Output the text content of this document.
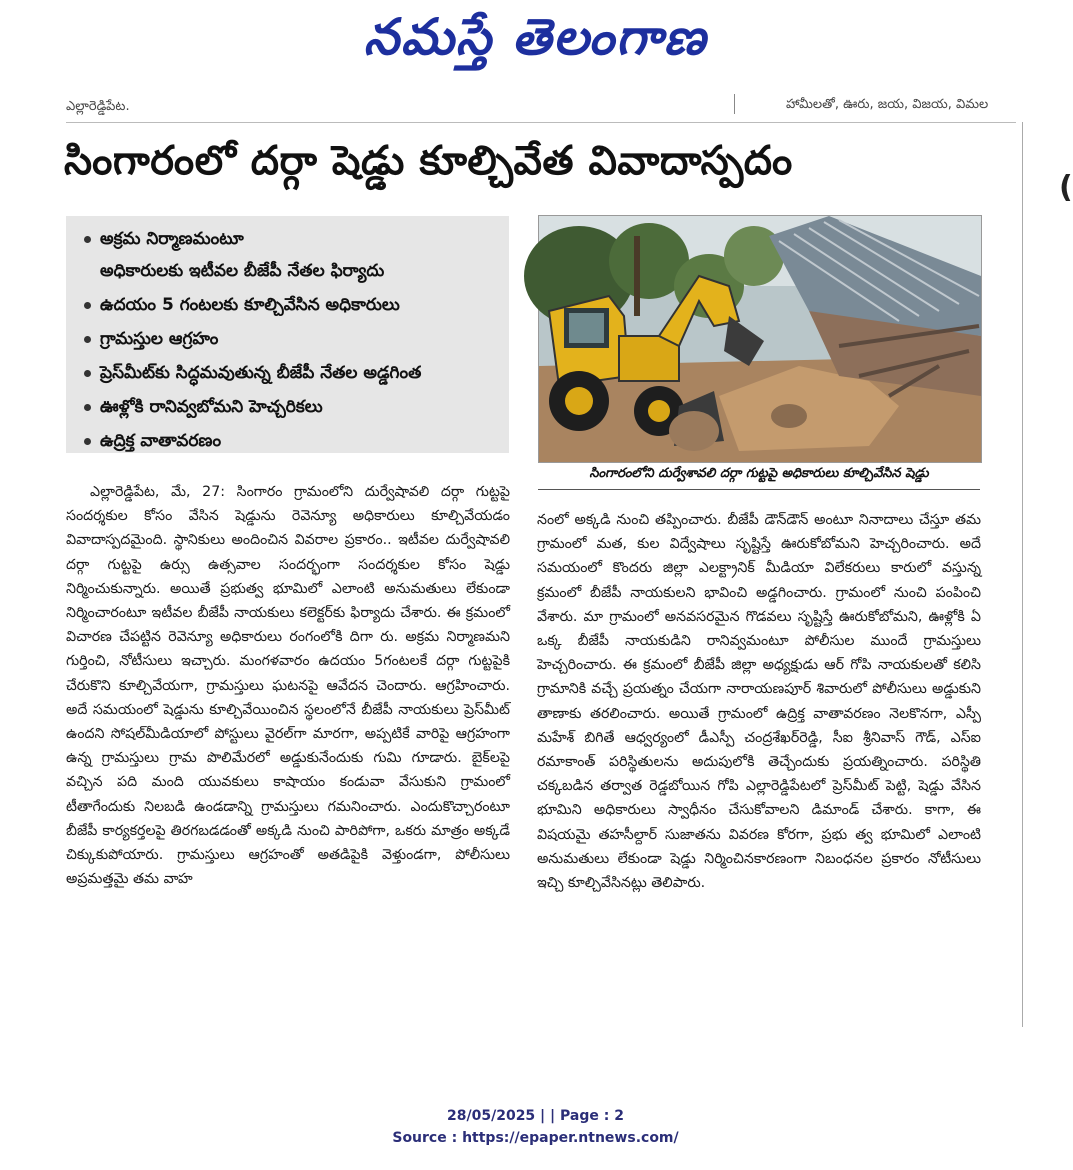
నమస్తే తెలంగాణ
ఎల్లారెడ్డిపేట.	హామీలతో, ఊరు, జయ, విజయ, విమల
(
సింగారంలో దర్గా షెడ్డు కూల్చివేత వివాదాస్పదం
అక్రమ నిర్మాణమంటూ
అధికారులకు ఇటీవల బీజేపీ నేతల ఫిర్యాదు
ఉదయం 5 గంటలకు కూల్చివేసిన అధికారులు
గ్రామస్తుల ఆగ్రహం
ప్రెస్‌మీట్‌కు సిద్ధమవుతున్న బీజేపీ నేతల అడ్డగింత
ఊళ్లోకి రానివ్వబోమని హెచ్చరికలు
ఉద్రిక్త వాతావరణం
సింగారంలోని దుర్వేశావలి దర్గా గుట్టపై అధికారులు కూల్చివేసిన షెడ్డు

ఎల్లారెడ్డిపేట, మే, 27: సింగారం గ్రామంలోని దుర్వేషావలి దర్గా గుట్టపై సందర్శకుల కోసం వేసిన షెడ్డును రెవెన్యూ అధికారులు కూల్చివేయడం వివాదాస్పదమైంది. స్థానికులు అందించిన వివరాల ప్రకారం.. ఇటీవల దుర్వేషావలి దర్గా గుట్టపై ఉర్సు ఉత్సవాల సందర్భంగా సందర్శకుల కోసం షెడ్డు నిర్మించుకున్నారు. అయితే ప్రభుత్వ భూమిలో ఎలాంటి అనుమతులు లేకుండా నిర్మించారంటూ ఇటీవల బీజేపీ నాయకులు కలెక్టర్‌కు ఫిర్యాదు చేశారు. ఈ క్రమంలో విచారణ చేపట్టిన రెవెన్యూ అధికారులు రంగంలోకి దిగా రు. అక్రమ నిర్మాణమని గుర్తించి, నోటీసులు ఇచ్చారు. మంగళవారం ఉదయం 5గంటలకే దర్గా గుట్టపైకి చేరుకొని కూల్చివేయగా, గ్రామస్తులు ఘటనపై ఆవేదన చెందారు. ఆగ్రహించారు. అదే సమయంలో షెడ్డును కూల్చివేయించిన స్థలంలోనే బీజేపీ నాయకులు ప్రెస్‌మీట్ ఉందని సోషల్‌మీడియాలో పోస్టులు వైరల్‌గా మారగా, అప్పటికే వారిపై ఆగ్రహంగా ఉన్న గ్రామస్తులు గ్రామ పొలిమేరలో అడ్డుకునేందుకు గుమి గూడారు. బైక్‌లపై వచ్చిన పది మంది యువకులు కాషాయం కండువా వేసుకుని గ్రామంలో టీతాగేందుకు నిలబడి ఉండడాన్ని గ్రామస్తులు గమనించారు. ఎందుకొచ్చారంటూ బీజేపీ కార్యకర్తలపై తిరగబడడంతో అక్కడి నుంచి పారిపోగా, ఒకరు మాత్రం అక్కడే చిక్కుకుపోయారు. గ్రామస్తులు ఆగ్రహంతో అతడిపైకి వెళ్తుండగా, పోలీసులు అప్రమత్తమై తమ వాహ

నంలో అక్కడి నుంచి తప్పించారు. బీజేపీ డౌన్‌డౌన్ అంటూ నినాదాలు చేస్తూ తమ గ్రామంలో మత, కుల విద్వేషాలు సృష్టిస్తే ఊరుకోబోమని హెచ్చరించారు. అదే సమయంలో కొందరు జిల్లా ఎలక్ట్రానిక్ మీడియా విలేకరులు కారులో వస్తున్న క్రమంలో బీజేపీ నాయకులని భావించి అడ్డగించారు. గ్రామంలో నుంచి పంపించి వేశారు. మా గ్రామంలో అనవసరమైన గొడవలు సృష్టిస్తే ఊరుకోబోమని, ఊళ్లోకి ఏ ఒక్క బీజేపీ నాయకుడిని రానివ్వమంటూ పోలీసుల ముందే గ్రామస్తులు హెచ్చరించారు. ఈ క్రమంలో బీజేపీ జిల్లా అధ్యక్షుడు ఆర్ గోపి నాయకులతో కలిసి గ్రామానికి వచ్చే ప్రయత్నం చేయగా నారాయణపూర్ శివారులో పోలీసులు అడ్డుకుని తాణాకు తరలించారు. అయితే గ్రామంలో ఉద్రిక్త వాతావరణం నెలకొనగా, ఎస్పీ మహేశ్ బిగితే ఆధ్వర్యంలో డీఎస్పీ చంద్రశేఖర్‌రెడ్డి, సీఐ శ్రీనివాస్ గౌడ్, ఎస్ఐ రమాకాంత్ పరిస్థితులను అదుపులోకి తెచ్చేందుకు ప్రయత్నించారు. పరిస్థితి చక్కబడిన తర్వాత రెడ్డబోయిన గోపి ఎల్లారెడ్డిపేటలో ప్రెస్‌మీట్ పెట్టి, షెడ్డు వేసిన భూమిని అధికారులు స్వాధీనం చేసుకోవాలని డిమాండ్ చేశారు. కాగా, ఈ విషయమై తహసీల్దార్ సుజాతను వివరణ కోరగా, ప్రభు త్వ భూమిలో ఎలాంటి అనుమతులు లేకుండా షెడ్డు నిర్మించినకారణంగా నిబంధనల ప్రకారం నోటీసులు ఇచ్చి కూల్చివేసినట్లు తెలిపారు.

28/05/2025 | | Page : 2
Source : https://epaper.ntnews.com/
